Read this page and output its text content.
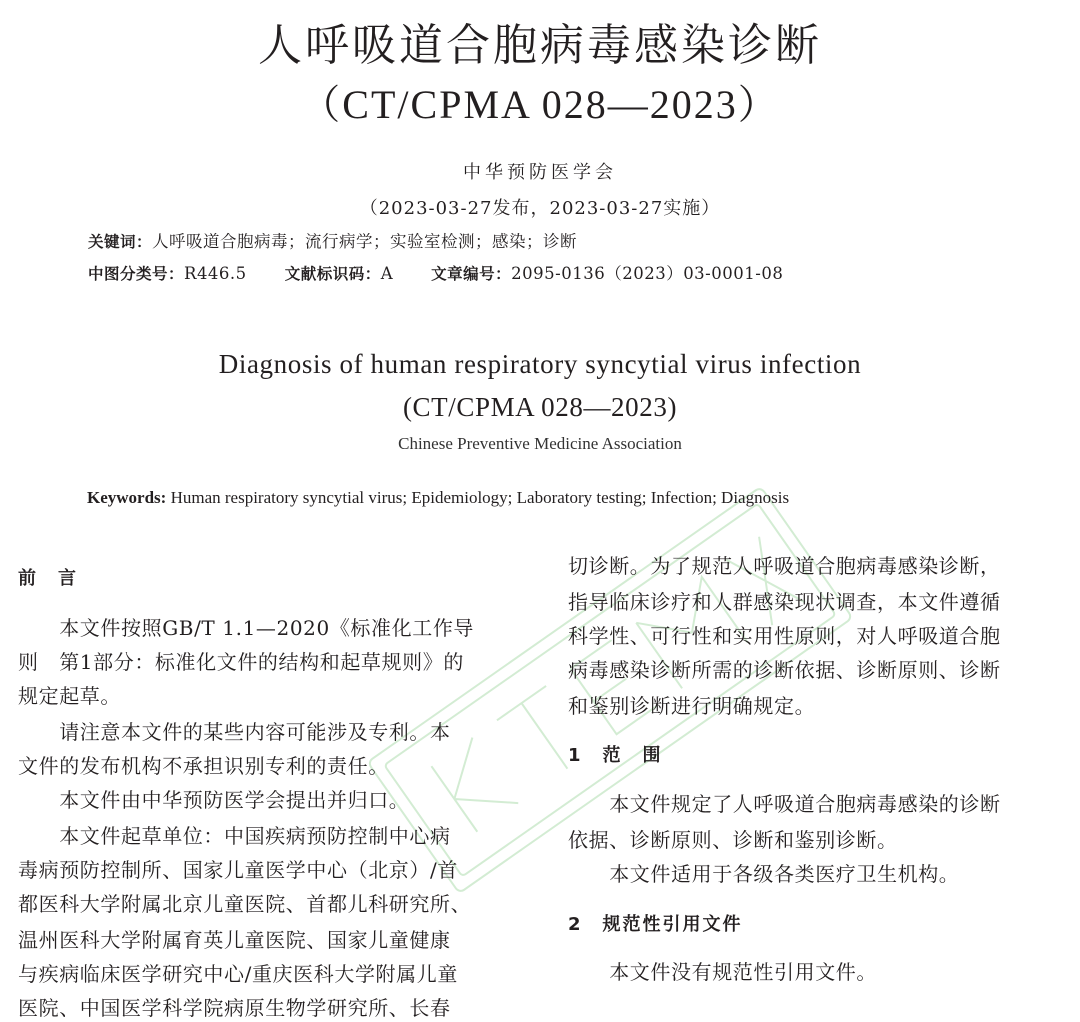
人呼吸道合胞病毒感染诊断
（CT/CPMA 028—2023）
中华预防医学会
（2023-03-27发布，2023-03-27实施）
关键词：人呼吸道合胞病毒；流行病学；实验室检测；感染；诊断
中图分类号：R446.5 文献标识码：A 文章编号：2095-0136（2023）03-0001-08
Diagnosis of human respiratory syncytial virus infection
(CT/CPMA 028—2023)
Chinese Preventive Medicine Association
Keywords: Human respiratory syncytial virus; Epidemiology; Laboratory testing; Infection; Diagnosis
前　言
　　本文件按照GB/T 1.1—2020《标准化工作导
则　第1部分：标准化文件的结构和起草规则》的
规定起草。
　　请注意本文件的某些内容可能涉及专利。本
文件的发布机构不承担识别专利的责任。
　　本文件由中华预防医学会提出并归口。
　　本文件起草单位：中国疾病预防控制中心病
毒病预防控制所、国家儿童医学中心（北京）/首
都医科大学附属北京儿童医院、首都儿科研究所、
温州医科大学附属育英儿童医院、国家儿童健康
与疾病临床医学研究中心/重庆医科大学附属儿童
医院、中国医学科学院病原生物学研究所、长春
切诊断。为了规范人呼吸道合胞病毒感染诊断，
指导临床诊疗和人群感染现状调查，本文件遵循
科学性、可行性和实用性原则，对人呼吸道合胞
病毒感染诊断所需的诊断依据、诊断原则、诊断
和鉴别诊断进行明确规定。
1　范　围
　　本文件规定了人呼吸道合胞病毒感染的诊断
依据、诊断原则、诊断和鉴别诊断。
　　本文件适用于各级各类医疗卫生机构。
2　规范性引用文件
　　本文件没有规范性引用文件。
